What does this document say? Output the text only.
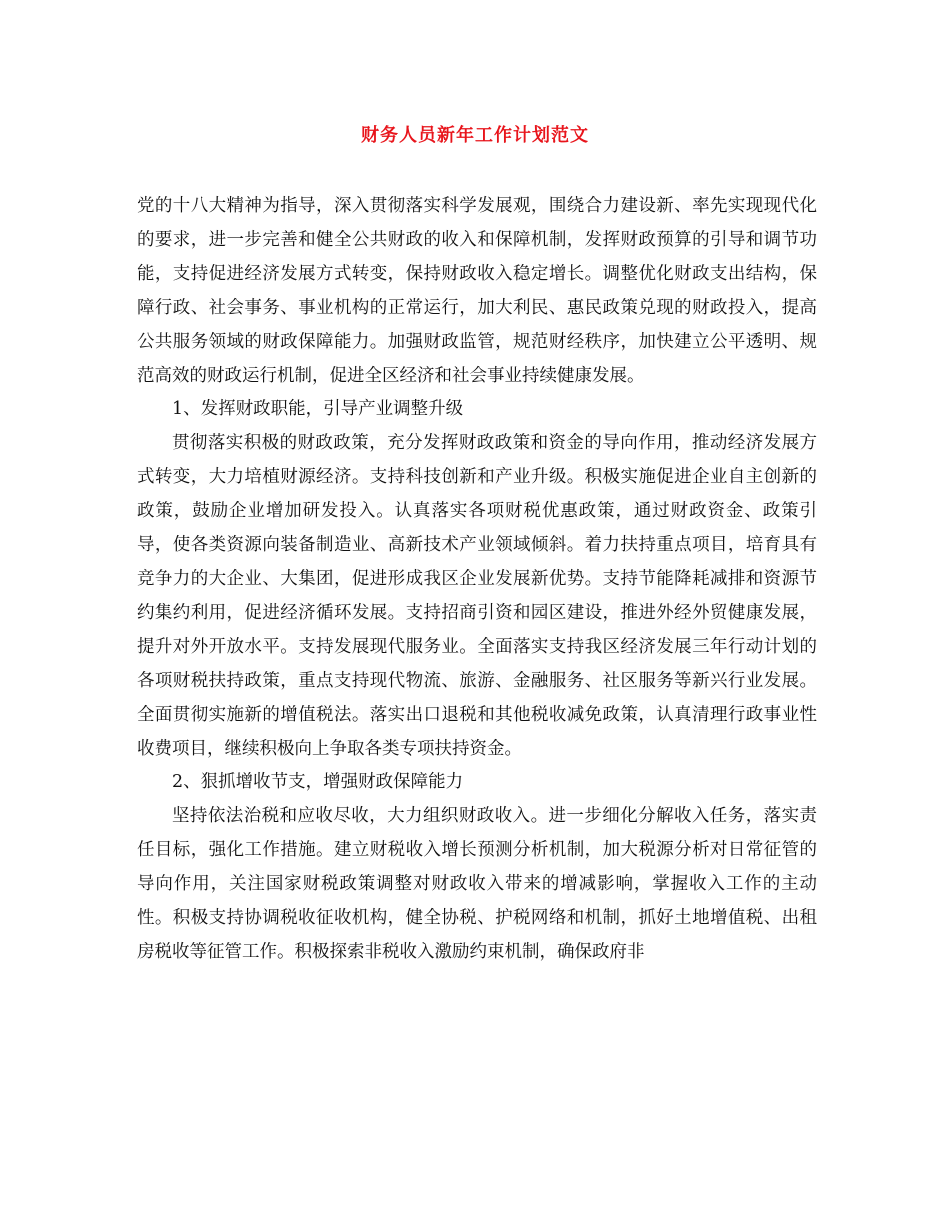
财务人员新年工作计划范文

党的十八大精神为指导，深入贯彻落实科学发展观，围绕合力建设新、率先实现现代化的要求，进一步完善和健全公共财政的收入和保障机制，发挥财政预算的引导和调节功能，支持促进经济发展方式转变，保持财政收入稳定增长。调整优化财政支出结构，保障行政、社会事务、事业机构的正常运行，加大利民、惠民政策兑现的财政投入，提高公共服务领域的财政保障能力。加强财政监管，规范财经秩序，加快建立公平透明、规范高效的财政运行机制，促进全区经济和社会事业持续健康发展。

1、发挥财政职能，引导产业调整升级

贯彻落实积极的财政政策，充分发挥财政政策和资金的导向作用，推动经济发展方式转变，大力培植财源经济。支持科技创新和产业升级。积极实施促进企业自主创新的政策，鼓励企业增加研发投入。认真落实各项财税优惠政策，通过财政资金、政策引导，使各类资源向装备制造业、高新技术产业领域倾斜。着力扶持重点项目，培育具有竞争力的大企业、大集团，促进形成我区企业发展新优势。支持节能降耗减排和资源节约集约利用，促进经济循环发展。支持招商引资和园区建设，推进外经外贸健康发展，提升对外开放水平。支持发展现代服务业。全面落实支持我区经济发展三年行动计划的各项财税扶持政策，重点支持现代物流、旅游、金融服务、社区服务等新兴行业发展。全面贯彻实施新的增值税法。落实出口退税和其他税收减免政策，认真清理行政事业性收费项目，继续积极向上争取各类专项扶持资金。

2、狠抓增收节支，增强财政保障能力

坚持依法治税和应收尽收，大力组织财政收入。进一步细化分解收入任务，落实责任目标，强化工作措施。建立财税收入增长预测分析机制，加大税源分析对日常征管的导向作用，关注国家财税政策调整对财政收入带来的增减影响，掌握收入工作的主动性。积极支持协调税收征收机构，健全协税、护税网络和机制，抓好土地增值税、出租房税收等征管工作。积极探索非税收入激励约束机制，确保政府非
